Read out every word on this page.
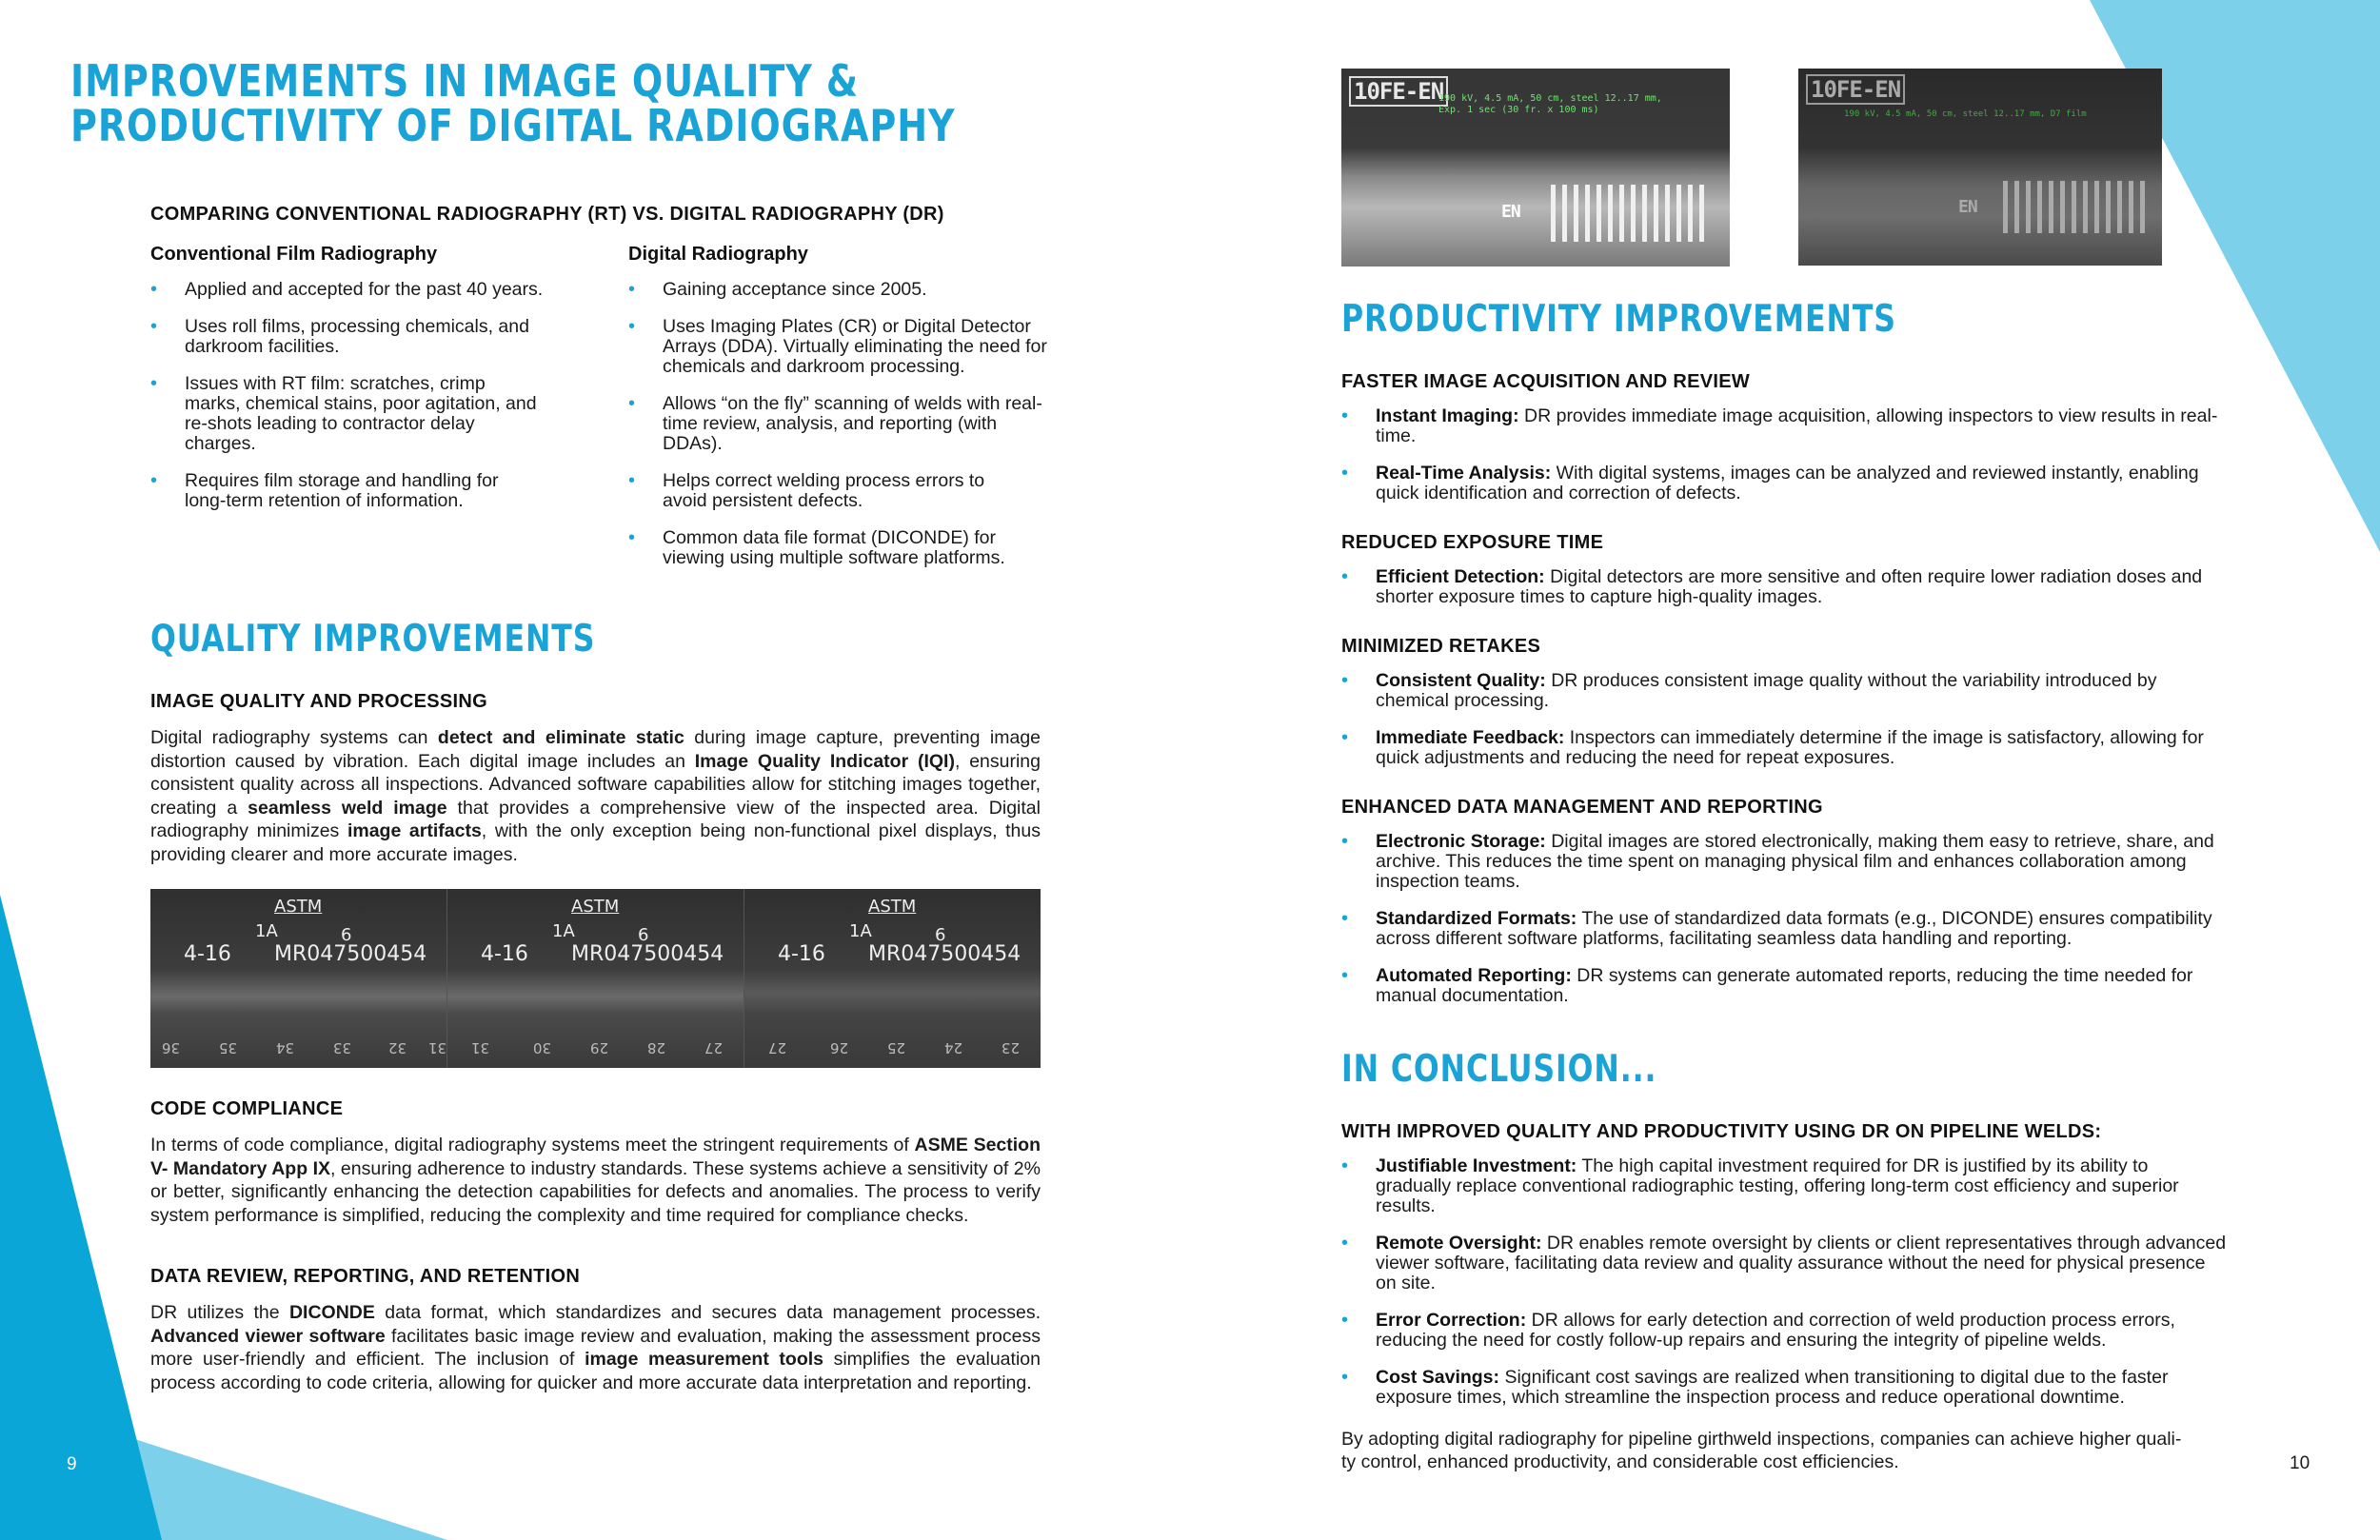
IMPROVEMENTS IN IMAGE QUALITY &
PRODUCTIVITY OF DIGITAL RADIOGRAPHY
COMPARING CONVENTIONAL RADIOGRAPHY (RT) VS. DIGITAL RADIOGRAPHY (DR)
Conventional Film Radiography
• Applied and accepted for the past 40 years.
• Uses roll films, processing chemicals, and darkroom facilities.
• Issues with RT film: scratches, crimp marks, chemical stains, poor agitation, and re-shots leading to contractor delay charges.
• Requires film storage and handling for long-term retention of information.
Digital Radiography
• Gaining acceptance since 2005.
• Uses Imaging Plates (CR) or Digital Detector Arrays (DDA). Virtually eliminating the need for chemicals and darkroom processing.
• Allows “on the fly” scanning of welds with real-time review, analysis, and reporting (with DDAs).
• Helps correct welding process errors to avoid persistent defects.
• Common data file format (DICONDE) for viewing using multiple software platforms.
QUALITY IMPROVEMENTS
IMAGE QUALITY AND PROCESSING

Digital radiography systems can detect and eliminate static during image capture, preventing image distortion caused by vibration. Each digital image includes an Image Quality Indicator (IQI), ensuring consistent quality across all inspections. Advanced software capabilities allow for stitching images together, creating a seamless weld image that provides a comprehensive view of the inspected area. Digital radiography minimizes image artifacts, with the only exception being non-functional pixel displays, thus providing clearer and more accurate images.

ASTM
1A	6
4-16 MR047500454
36	35	34	33	32 31
ASTM
1A	6
4-16 MR047500454
31	30	29	28	27
ASTM
1A	6
4-16 MR047500454
27	26	25	24	23
CODE COMPLIANCE

In terms of code compliance, digital radiography systems meet the stringent requirements of ASME Section V- Mandatory App IX, ensuring adherence to industry standards. These systems achieve a sensitivity of 2% or better, significantly enhancing the detection capabilities for defects and anomalies. The process to verify system performance is simplified, reducing the complexity and time required for compliance checks.

DATA REVIEW, REPORTING, AND RETENTION

DR utilizes the DICONDE data format, which standardizes and secures data management processes. Advanced viewer software facilitates basic image review and evaluation, making the assessment process more user-friendly and efficient. The inclusion of image measurement tools simplifies the evaluation process according to code criteria, allowing for quicker and more accurate data interpretation and reporting.

9
10FE-EN
190 kV, 4.5 mA, 50 cm, steel 12..17 mm,
Exp. 1 sec (30 fr. x 100 ms)
EN
10FE-EN
190 kV, 4.5 mA, 50 cm, steel 12..17 mm, D7 film
EN
PRODUCTIVITY IMPROVEMENTS
FASTER IMAGE ACQUISITION AND REVIEW
• Instant Imaging: DR provides immediate image acquisition, allowing inspectors to view results in real-time.
• Real-Time Analysis: With digital systems, images can be analyzed and reviewed instantly, enabling quick identification and correction of defects.
REDUCED EXPOSURE TIME
• Efficient Detection: Digital detectors are more sensitive and often require lower radiation doses and shorter exposure times to capture high-quality images.
MINIMIZED RETAKES
• Consistent Quality: DR produces consistent image quality without the variability introduced by chemical processing.
• Immediate Feedback: Inspectors can immediately determine if the image is satisfactory, allowing for quick adjustments and reducing the need for repeat exposures.
ENHANCED DATA MANAGEMENT AND REPORTING
• Electronic Storage: Digital images are stored electronically, making them easy to retrieve, share, and archive. This reduces the time spent on managing physical film and enhances collaboration among inspection teams.
• Standardized Formats: The use of standardized data formats (e.g., DICONDE) ensures compatibility across different software platforms, facilitating seamless data handling and reporting.
• Automated Reporting: DR systems can generate automated reports, reducing the time needed for manual documentation.
IN CONCLUSION...
WITH IMPROVED QUALITY AND PRODUCTIVITY USING DR ON PIPELINE WELDS:
• Justifiable Investment: The high capital investment required for DR is justified by its ability to gradually replace conventional radiographic testing, offering long-term cost efficiency and superior results.
• Remote Oversight: DR enables remote oversight by clients or client representatives through advanced viewer software, facilitating data review and quality assurance without the need for physical presence on site.
• Error Correction: DR allows for early detection and correction of weld production process errors, reducing the need for costly follow-up repairs and ensuring the integrity of pipeline welds.
• Cost Savings: Significant cost savings are realized when transitioning to digital due to the faster exposure times, which streamline the inspection process and reduce operational downtime.
By adopting digital radiography for pipeline girthweld inspections, companies can achieve higher quali-
ty control, enhanced productivity, and considerable cost efficiencies.	10
